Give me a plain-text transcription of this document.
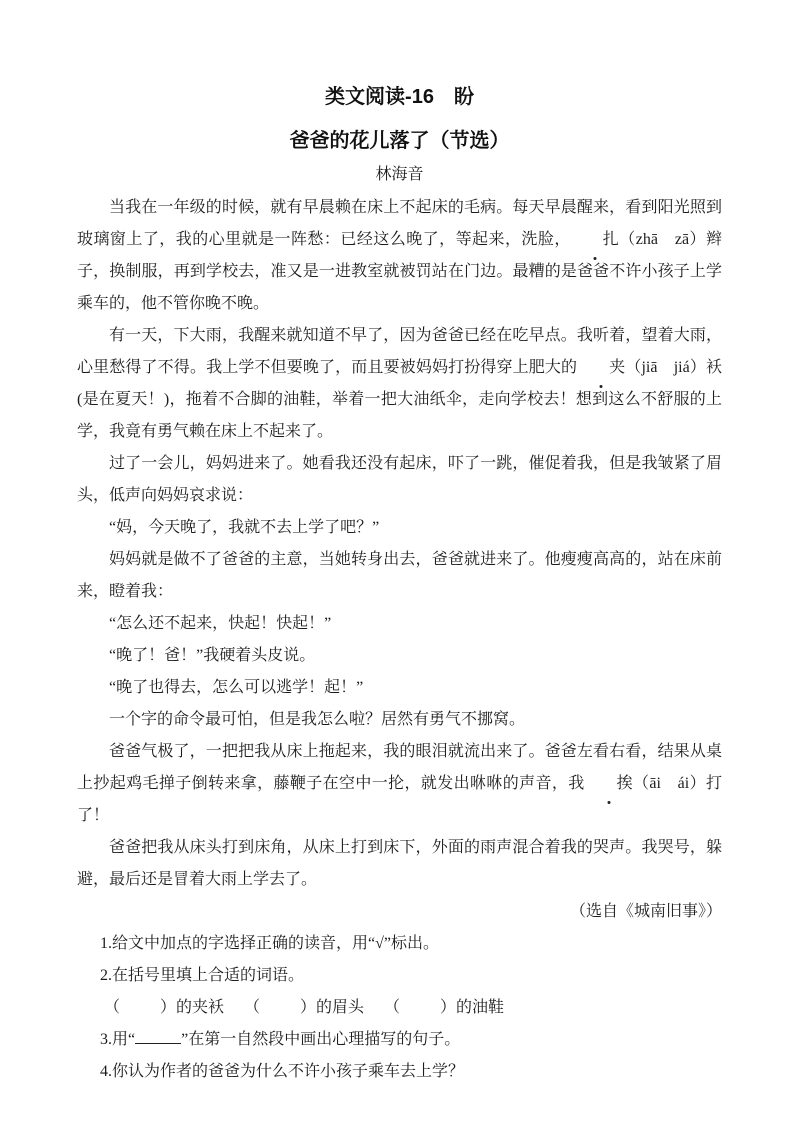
类文阅读-16　盼
爸爸的花儿落了（节选）

林海音

当我在一年级的时候，就有早晨赖在床上不起床的毛病。每天早晨醒来，看到阳光照到玻璃窗上了，我的心里就是一阵愁：已经这么晚了，等起来，洗脸， 扎（zhā　zā）辫子，换制服，再到学校去，准又是一进教室就被罚站在门边。最糟的是爸爸不许小孩子上学乘车的，他不管你晚不晚。

有一天，下大雨，我醒来就知道不早了，因为爸爸已经在吃早点。我听着，望着大雨，心里愁得了不得。我上学不但要晚了，而且要被妈妈打扮得穿上肥大的 夹（jiā　jiá）袄(是在夏天！)，拖着不合脚的油鞋，举着一把大油纸伞，走向学校去！想到这么不舒服的上学，我竟有勇气赖在床上不起来了。

过了一会儿，妈妈进来了。她看我还没有起床，吓了一跳，催促着我，但是我皱紧了眉头，低声向妈妈哀求说：

“妈，今天晚了，我就不去上学了吧？”

妈妈就是做不了爸爸的主意，当她转身出去，爸爸就进来了。他瘦瘦高高的，站在床前来，瞪着我：

“怎么还不起来，快起！快起！”

“晚了！爸！”我硬着头皮说。

“晚了也得去，怎么可以逃学！起！”

一个字的命令最可怕，但是我怎么啦？居然有勇气不挪窝。

爸爸气极了，一把把我从床上拖起来，我的眼泪就流出来了。爸爸左看右看，结果从桌上抄起鸡毛掸子倒转来拿，藤鞭子在空中一抡，就发出咻咻的声音，我 挨（āi　ái）打了！

爸爸把我从床头打到床角，从床上打到床下，外面的雨声混合着我的哭声。我哭号，躲避，最后还是冒着大雨上学去了。

（选自《城南旧事》）

1.给文中加点的字选择正确的读音，用“√”标出。

2.在括号里填上合适的词语。

（          ）的夹袄     （          ）的眉头     （          ）的油鞋

3.用“	”在第一自然段中画出心理描写的句子。

4.你认为作者的爸爸为什么不许小孩子乘车去上学？
